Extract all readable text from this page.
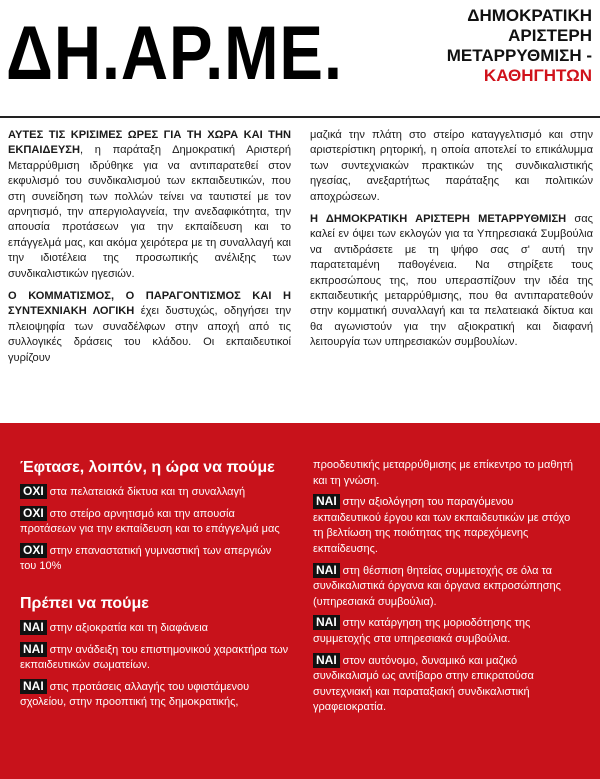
ΔΗ.ΑΡ.ΜΕ.	ΔΗΜΟΚΡΑΤΙΚΗ
ΑΡΙΣΤΕΡΗ
ΜΕΤΑΡΡΥΘΜΙΣΗ -
ΚΑΘΗΓΗΤΩΝ

ΑΥΤΕΣ ΤΙΣ ΚΡΙΣΙΜΕΣ ΩΡΕΣ ΓΙΑ ΤΗ ΧΩΡΑ ΚΑΙ ΤΗΝ ΕΚΠΑΙΔΕΥΣΗ, η παράταξη Δημοκρατική Αριστερή Μεταρρύθμιση ιδρύθηκε για να αντιπαρατεθεί στον εκφυλισμό του συνδικαλισμού των εκπαιδευτικών, που στη συνείδηση των πολλών τείνει να ταυτιστεί με τον αρνητισμό, την απεργιολαγνεία, την ανεδαφικότητα, την απουσία προτάσεων για την εκπαίδευση και το επάγγελμά μας, και ακόμα χειρότερα με τη συναλλαγή και την ιδιοτέλεια της προσωπικής ανέλιξης των συνδικαλιστικών ηγεσιών.

Ο ΚΟΜΜΑΤΙΣΜΟΣ, Ο ΠΑΡΑΓΟΝΤΙΣΜΟΣ ΚΑΙ Η ΣΥΝΤΕΧΝΙΑΚΗ ΛΟΓΙΚΗ έχει δυστυχώς, οδηγήσει την πλειοψηφία των συναδέλφων στην αποχή από τις συλλογικές δράσεις του κλάδου. Οι εκπαιδευτικοί γυρίζουν

μαζικά την πλάτη στο στείρο καταγγελτισμό και στην αριστερίστικη ρητορική, η οποία αποτελεί το επικάλυμμα των συντεχνιακών πρακτικών της συνδικαλιστικής ηγεσίας, ανεξαρτήτως παράταξης και πολιτικών αποχρώσεων.

Η ΔΗΜΟΚΡΑΤΙΚΗ ΑΡΙΣΤΕΡΗ ΜΕΤΑΡΡΥΘΜΙΣΗ σας καλεί εν όψει των εκλογών για τα Υπηρεσιακά Συμβούλια να αντιδράσετε με τη ψήφο σας σ' αυτή την παρατεταμένη παθογένεια. Να στηρίξετε τους εκπροσώπους της, που υπερασπίζουν την ιδέα της εκπαιδευτικής μεταρρύθμισης, που θα αντιπαρατεθούν στην κομματική συναλλαγή και τα πελατειακά δίκτυα και θα αγωνιστούν για την αξιοκρατική και διαφανή λειτουργία των υπηρεσιακών συμβουλίων.

Έφτασε, λοιπόν, η ώρα να πούμε
ΟΧΙ στα πελατειακά δίκτυα και τη συναλλαγή
ΟΧΙ στο στείρο αρνητισμό και την απουσία προτάσεων για την εκπαίδευση και το επάγγελμά μας
ΟΧΙ στην επαναστατική γυμναστική των απεργιών του 10%
Πρέπει να πούμε
ΝΑΙ στην αξιοκρατία και τη διαφάνεια
ΝΑΙ στην ανάδειξη του επιστημονικού χαρακτήρα των εκπαιδευτικών σωματείων.
ΝΑΙ στις προτάσεις αλλαγής του υφιστάμενου σχολείου, στην προοπτική της δημοκρατικής,
προοδευτικής μεταρρύθμισης με επίκεντρο το μαθητή και τη γνώση.
ΝΑΙ στην αξιολόγηση του παραγόμενου εκπαιδευτικού έργου και των εκπαιδευτικών με στόχο τη βελτίωση της ποιότητας της παρεχόμενης εκπαίδευσης.
ΝΑΙ στη θέσπιση θητείας συμμετοχής σε όλα τα συνδικαλιστικά όργανα και όργανα εκπροσώπησης (υπηρεσιακά συμβούλια).
ΝΑΙ στην κατάργηση της μοριοδότησης της συμμετοχής στα υπηρεσιακά συμβούλια.
ΝΑΙ στον αυτόνομο, δυναμικό και μαζικό συνδικαλισμό ως αντίβαρο στην επικρατούσα συντεχνιακή και παραταξιακή συνδικαλιστική γραφειοκρατία.
